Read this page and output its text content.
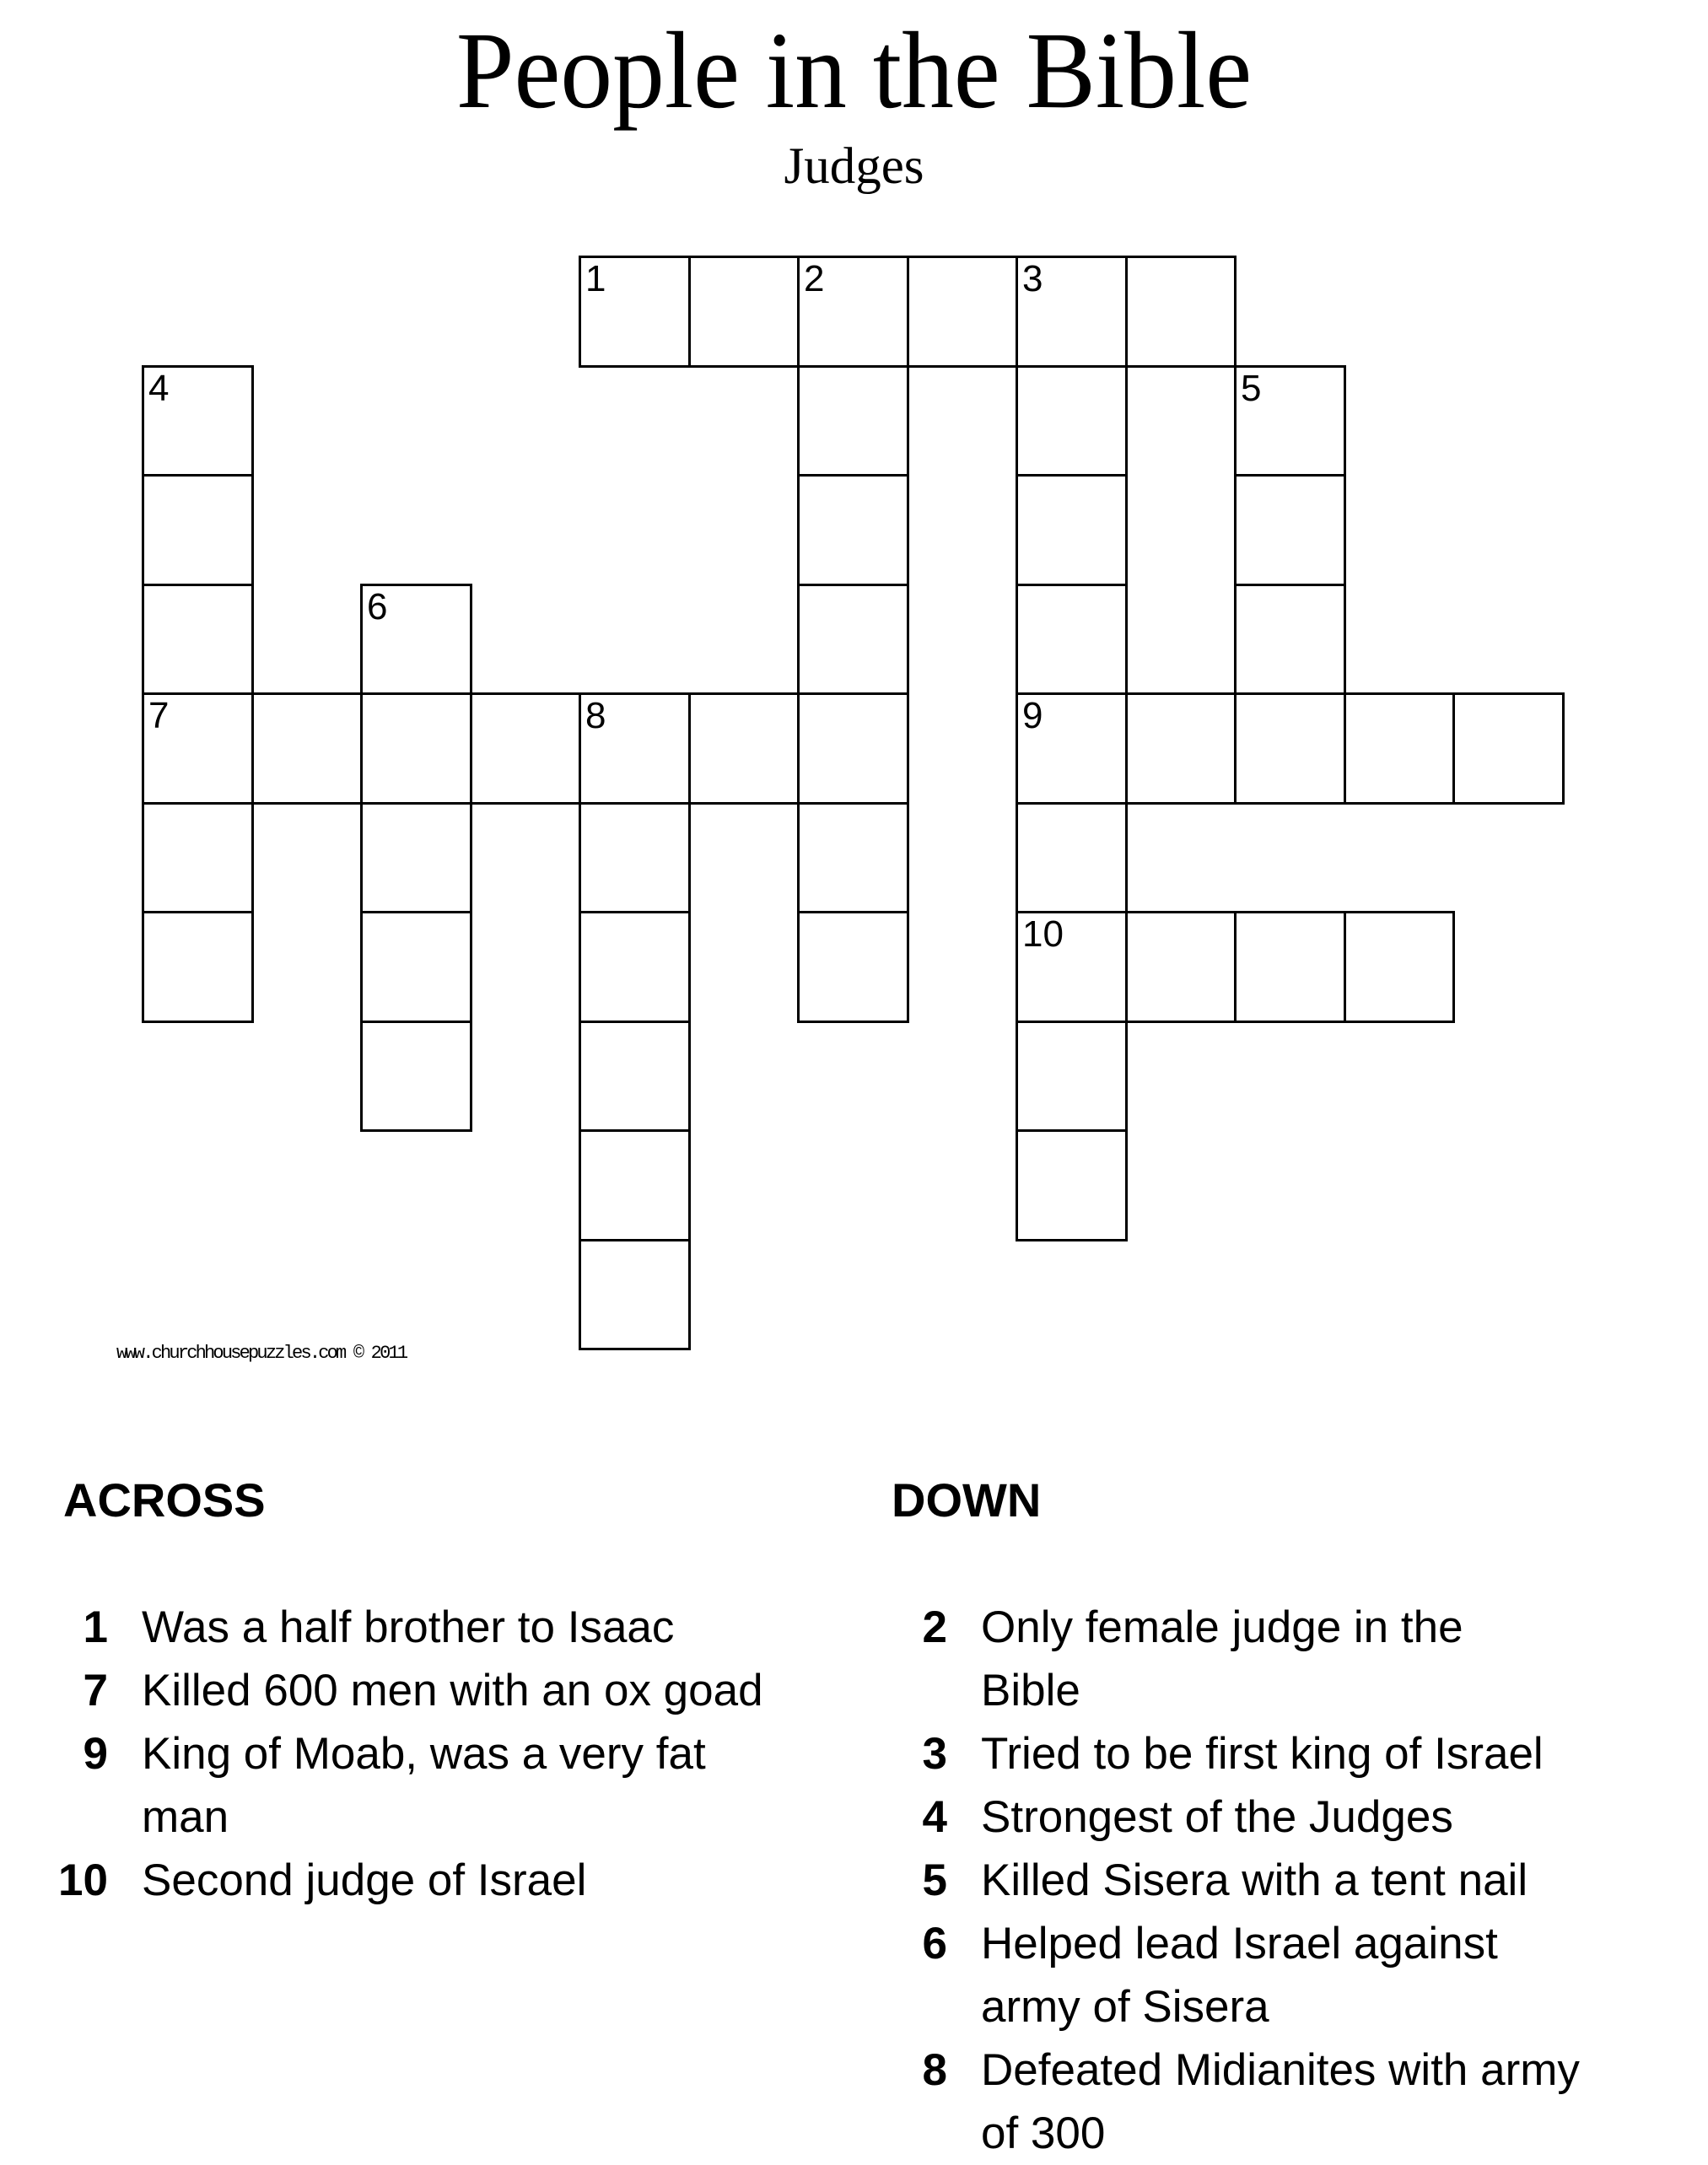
People in the Bible
Judges
1	2	3
4	5
6
7	8	9
10
www.churchhousepuzzles.com © 2011
ACROSS	DOWN
1 Was a half brother to Isaac
7 Killed 600 men with an ox goad
9 King of Moab, was a very fat
man
10 Second judge of Israel
2 Only female judge in the
Bible
3 Tried to be first king of Israel
4 Strongest of the Judges
5 Killed Sisera with a tent nail
6 Helped lead Israel against
army of Sisera
8 Defeated Midianites with army
of 300
